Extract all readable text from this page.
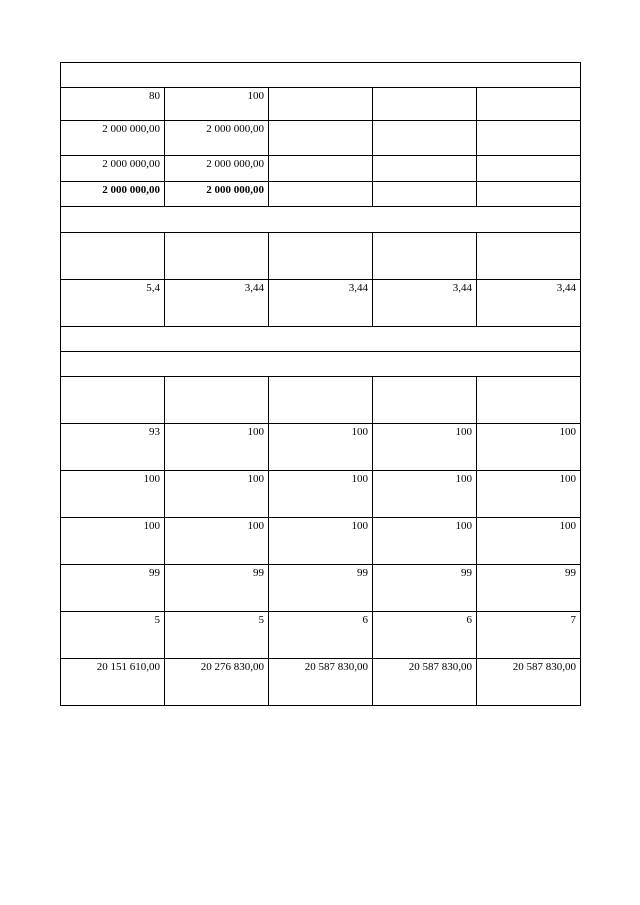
80	100			
2 000 000,00	2 000 000,00			
2 000 000,00	2 000 000,00			
2 000 000,00	2 000 000,00			

5,4	3,44	3,44	3,44	3,44

93	100	100	100	100
100	100	100	100	100
100	100	100	100	100
99	99	99	99	99
5	5	6	6	7
20 151 610,00	20 276 830,00	20 587 830,00	20 587 830,00	20 587 830,00
